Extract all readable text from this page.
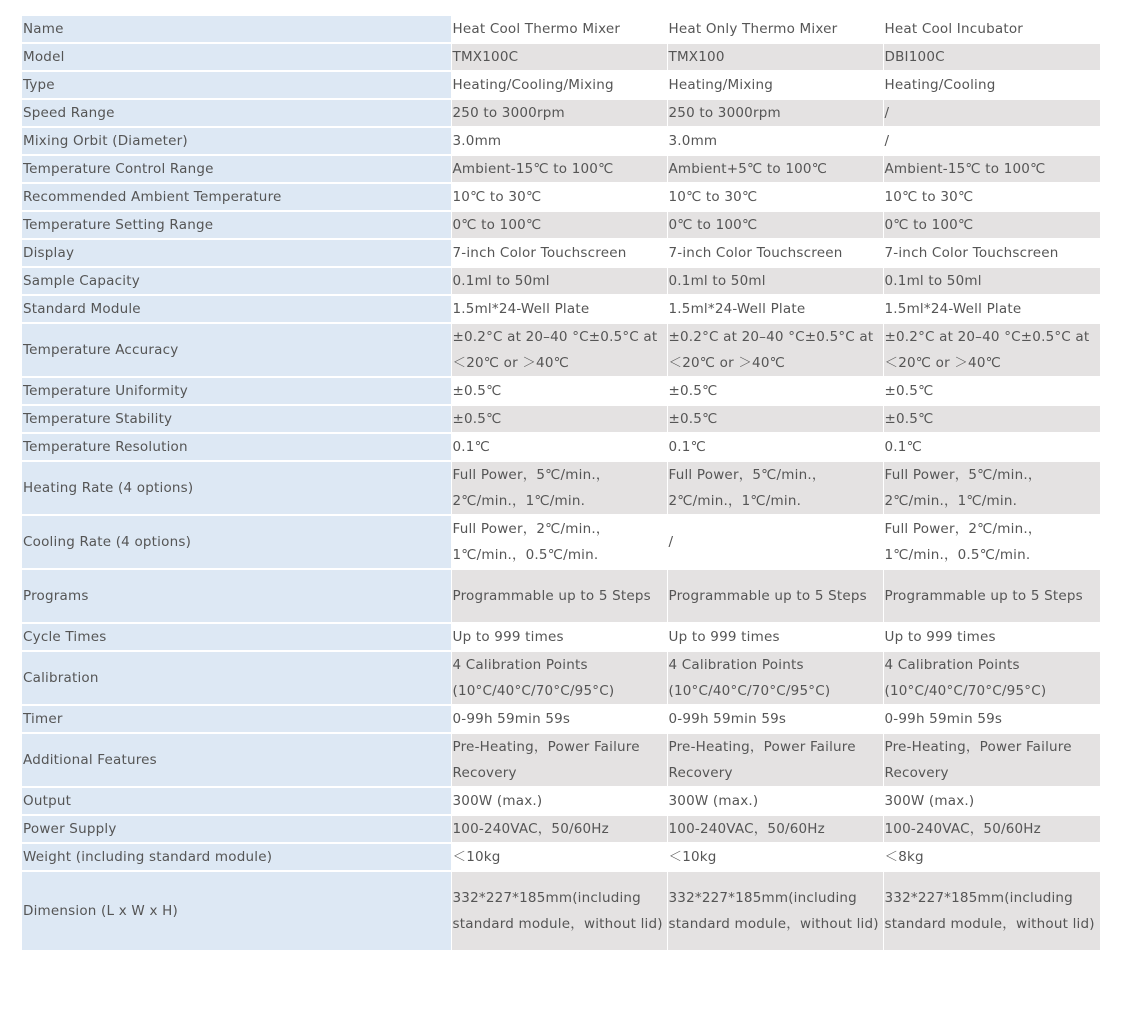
Name	Heat Cool Thermo Mixer	Heat Only Thermo Mixer	Heat Cool Incubator
Model	TMX100C	TMX100	DBI100C
Type	Heating/Cooling/Mixing	Heating/Mixing	Heating/Cooling
Speed Range	250 to 3000rpm	250 to 3000rpm	/
Mixing Orbit (Diameter)	3.0mm	3.0mm	/
Temperature Control Range	Ambient-15℃ to 100℃	Ambient+5℃ to 100℃	Ambient-15℃ to 100℃
Recommended Ambient Temperature	10℃ to 30℃	10℃ to 30℃	10℃ to 30℃
Temperature Setting Range	0℃ to 100℃	0℃ to 100℃	0℃ to 100℃
Display	7-inch Color Touchscreen	7-inch Color Touchscreen	7-inch Color Touchscreen
Sample Capacity	0.1ml to 50ml	0.1ml to 50ml	0.1ml to 50ml
Standard Module	1.5ml*24-Well Plate	1.5ml*24-Well Plate	1.5ml*24-Well Plate
Temperature Accuracy	±0.2°C at 20–40 °C±0.5°C at ＜20℃ or ＞40℃	±0.2°C at 20–40 °C±0.5°C at ＜20℃ or ＞40℃	±0.2°C at 20–40 °C±0.5°C at ＜20℃ or ＞40℃
Temperature Uniformity	±0.5℃	±0.5℃	±0.5℃
Temperature Stability	±0.5℃	±0.5℃	±0.5℃
Temperature Resolution	0.1℃	0.1℃	0.1℃
Heating Rate (4 options)	Full Power，5℃/min.，2℃/min.，1℃/min.	Full Power，5℃/min.，2℃/min.，1℃/min.	Full Power，5℃/min.，2℃/min.，1℃/min.
Cooling Rate (4 options)	Full Power，2℃/min.，1℃/min.，0.5℃/min.	/	Full Power，2℃/min.，1℃/min.，0.5℃/min.
Programs	Programmable up to 5 Steps	Programmable up to 5 Steps	Programmable up to 5 Steps
Cycle Times	Up to 999 times	Up to 999 times	Up to 999 times
Calibration	4 Calibration Points (10°C/40°C/70°C/95°C)	4 Calibration Points (10°C/40°C/70°C/95°C)	4 Calibration Points (10°C/40°C/70°C/95°C)
Timer	0-99h 59min 59s	0-99h 59min 59s	0-99h 59min 59s
Additional Features	Pre-Heating，Power Failure Recovery	Pre-Heating，Power Failure Recovery	Pre-Heating，Power Failure Recovery
Output	300W (max.)	300W (max.)	300W (max.)
Power Supply	100-240VAC，50/60Hz	100-240VAC，50/60Hz	100-240VAC，50/60Hz
Weight (including standard module)	＜10kg	＜10kg	＜8kg
Dimension (L x W x H)	332*227*185mm(including standard module，without lid)	332*227*185mm(including standard module，without lid)	332*227*185mm(including standard module，without lid)
